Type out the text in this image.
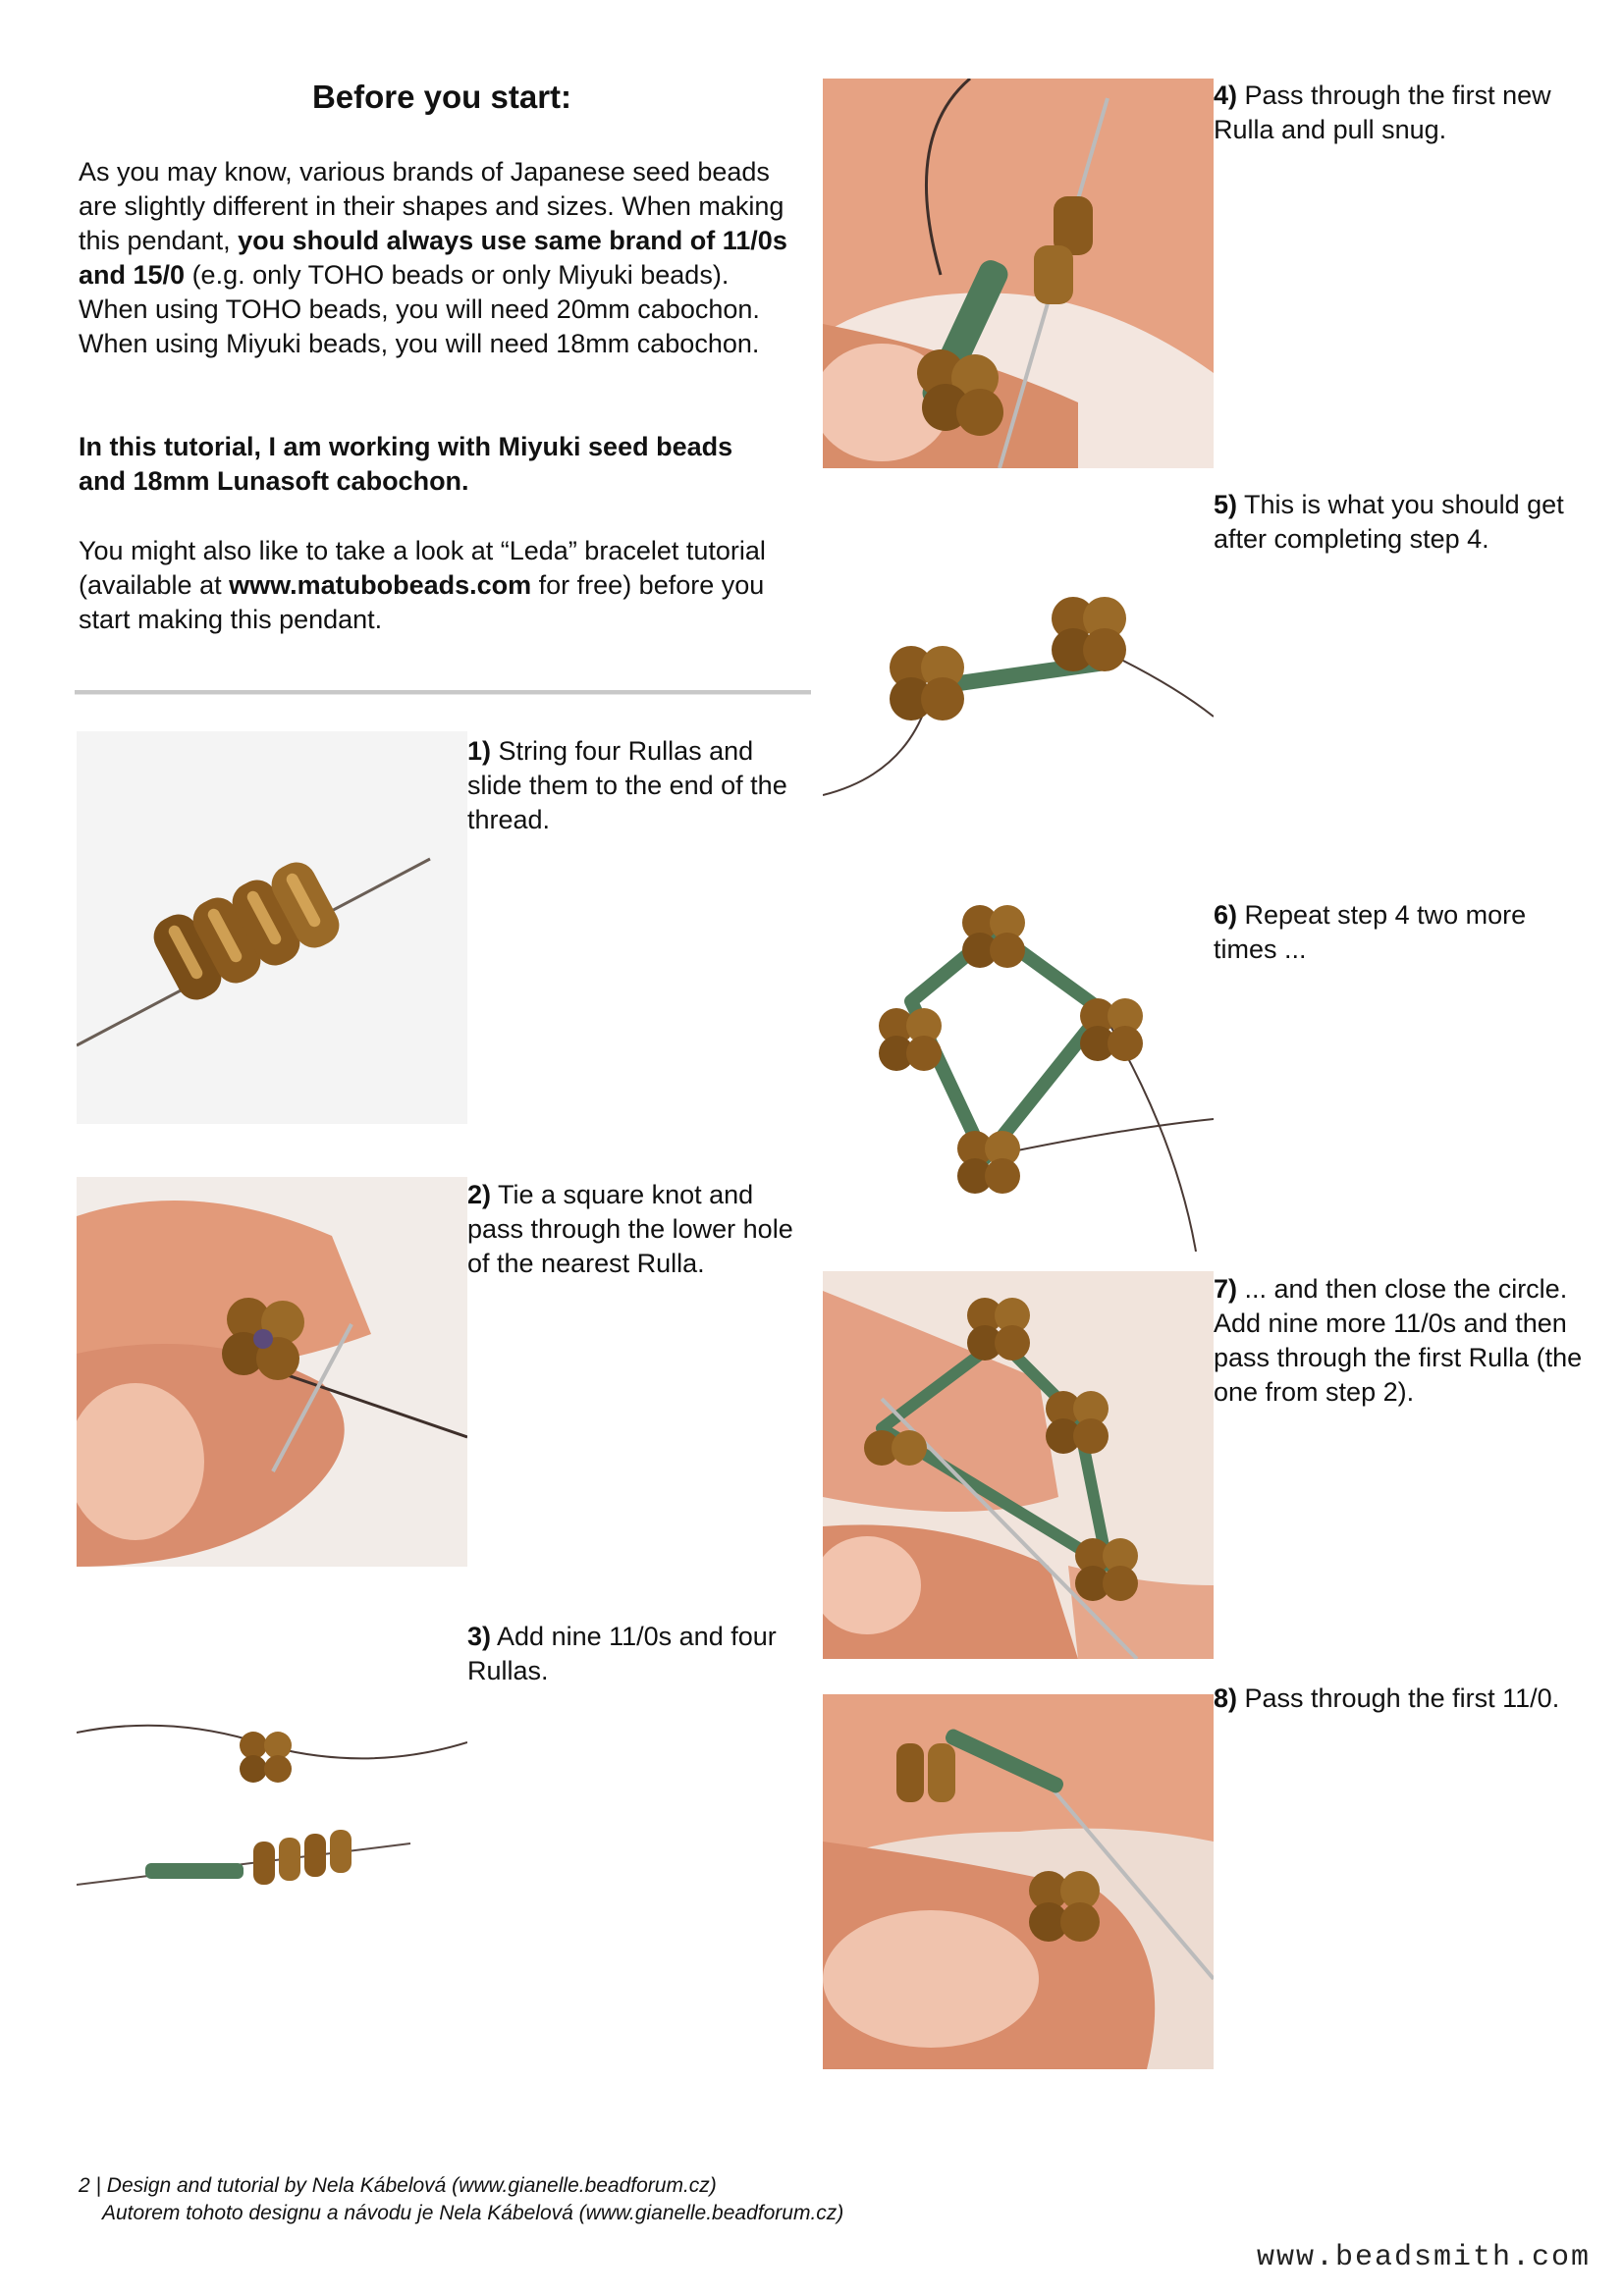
Before you start:
As you may know, various brands of Japanese seed beads are slightly different in their shapes and sizes. When making this pendant, you should always use same brand of 11/0s and 15/0 (e.g. only TOHO beads or only Miyuki beads).
When using TOHO beads, you will need 20mm cabochon.
When using Miyuki beads, you will need 18mm cabochon.
In this tutorial, I am working with Miyuki seed beads and 18mm Lunasoft cabochon.
You might also like to take a look at “Leda” bracelet tutorial (available at www.matubobeads.com for free) before you start making this pendant.
1) String four Rullas and slide them to the end of the thread.
2) Tie a square knot and pass through the lower hole of the nearest Rulla.
3) Add nine 11/0s and four Rullas.
4) Pass through the first new Rulla and pull snug.
5) This is what you should get after completing step 4.
6) Repeat step 4 two more times ...
7) ... and then close the circle. Add nine more 11/0s and then pass through the first Rulla (the one from step 2).
8) Pass through the first 11/0.
2 | Design and tutorial by Nela Kábelová (www.gianelle.beadforum.cz)
Autorem tohoto designu a návodu je Nela Kábelová (www.gianelle.beadforum.cz)
www.beadsmith.com
